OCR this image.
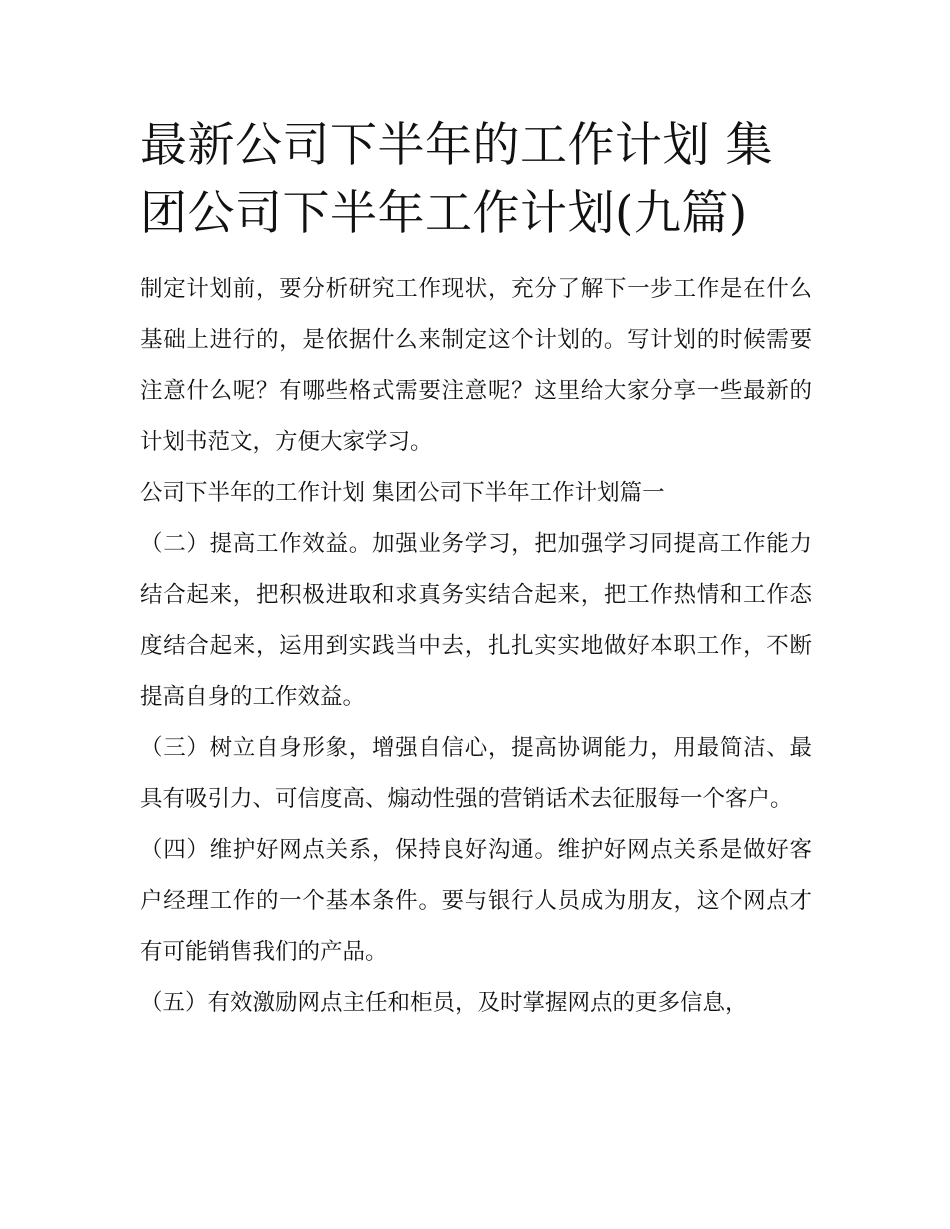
最新公司下半年的工作计划 集团公司下半年工作计划(九篇)

制定计划前，要分析研究工作现状，充分了解下一步工作是在什么基础上进行的，是依据什么来制定这个计划的。写计划的时候需要注意什么呢？有哪些格式需要注意呢？这里给大家分享一些最新的计划书范文，方便大家学习。

公司下半年的工作计划 集团公司下半年工作计划篇一

（二）提高工作效益。加强业务学习，把加强学习同提高工作能力结合起来，把积极进取和求真务实结合起来，把工作热情和工作态度结合起来，运用到实践当中去，扎扎实实地做好本职工作，不断提高自身的工作效益。

（三）树立自身形象，增强自信心，提高协调能力，用最简洁、最具有吸引力、可信度高、煽动性强的营销话术去征服每一个客户。

（四）维护好网点关系，保持良好沟通。维护好网点关系是做好客户经理工作的一个基本条件。要与银行人员成为朋友，这个网点才有可能销售我们的产品。

（五）有效激励网点主任和柜员，及时掌握网点的更多信息，
